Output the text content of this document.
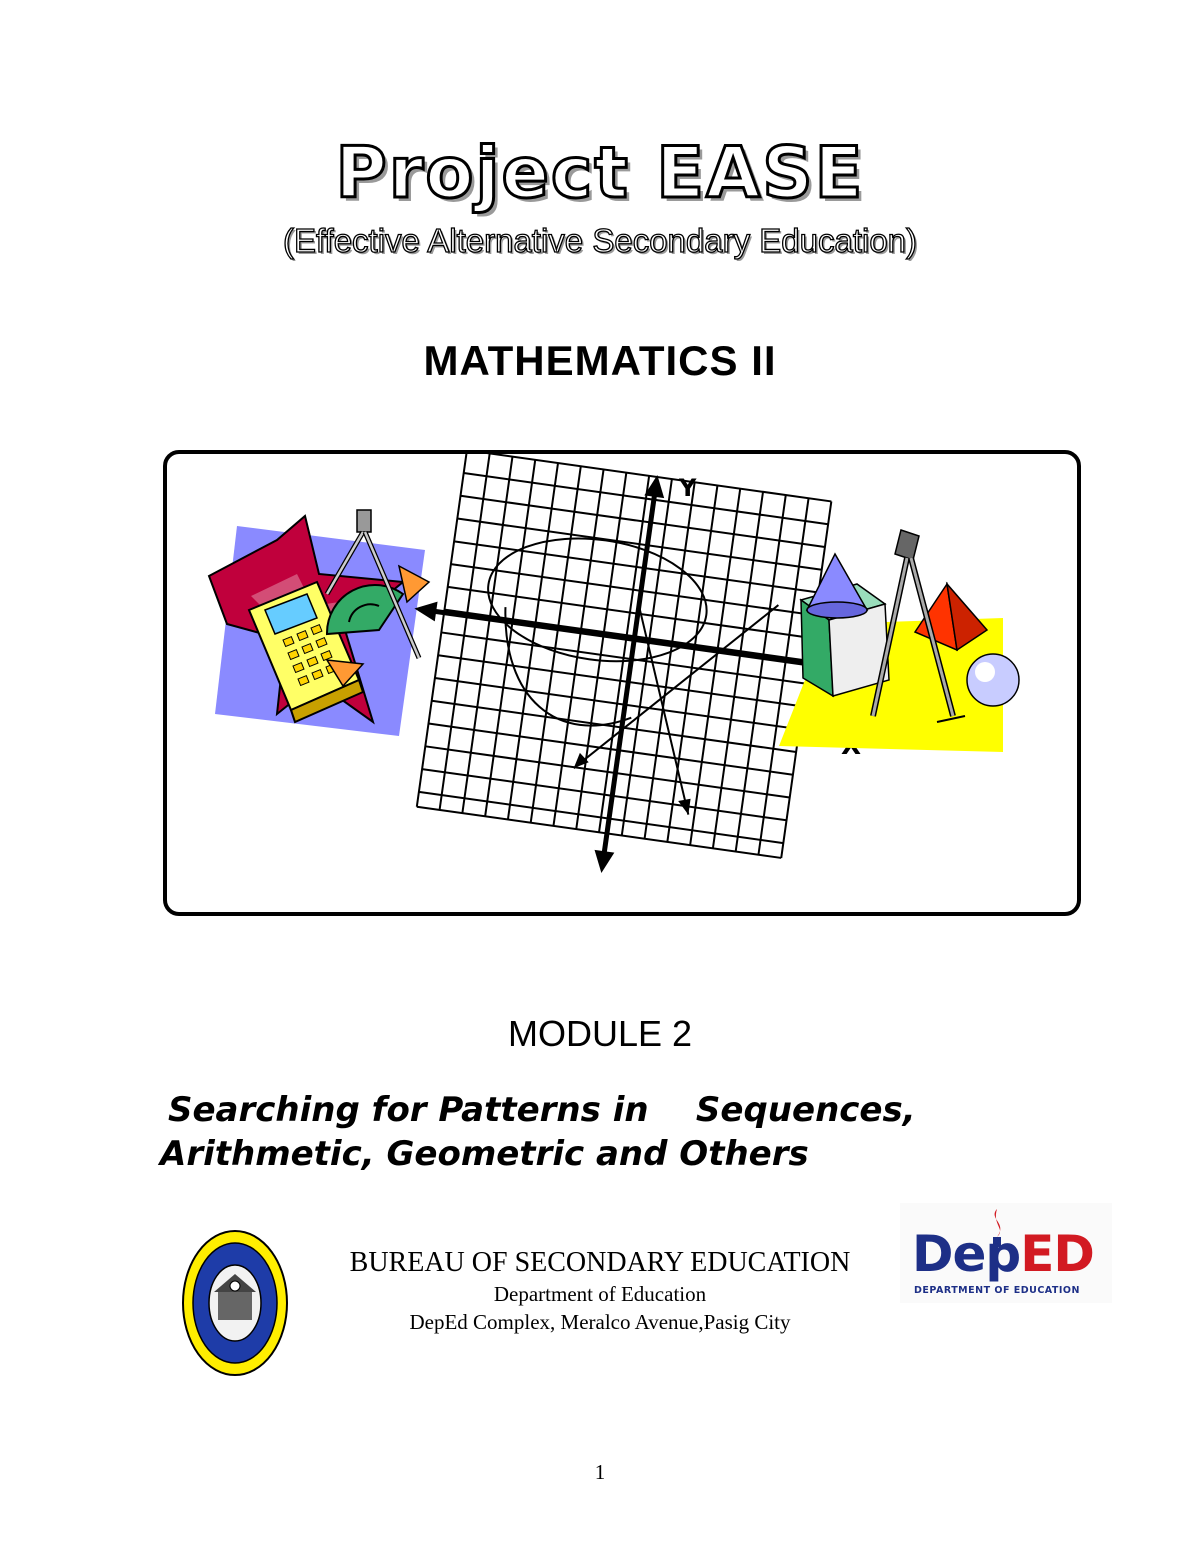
Project EASE
(Effective Alternative Secondary Education)
MATHEMATICS II
Y
MODULE 2
Searching for Patterns in    Sequences,
Arithmetic, Geometric and Others
BUREAU OF SECONDARY EDUCATION
Department of Education
DepEd Complex, Meralco Avenue,Pasig City
DepED
DEPARTMENT OF EDUCATION
1
